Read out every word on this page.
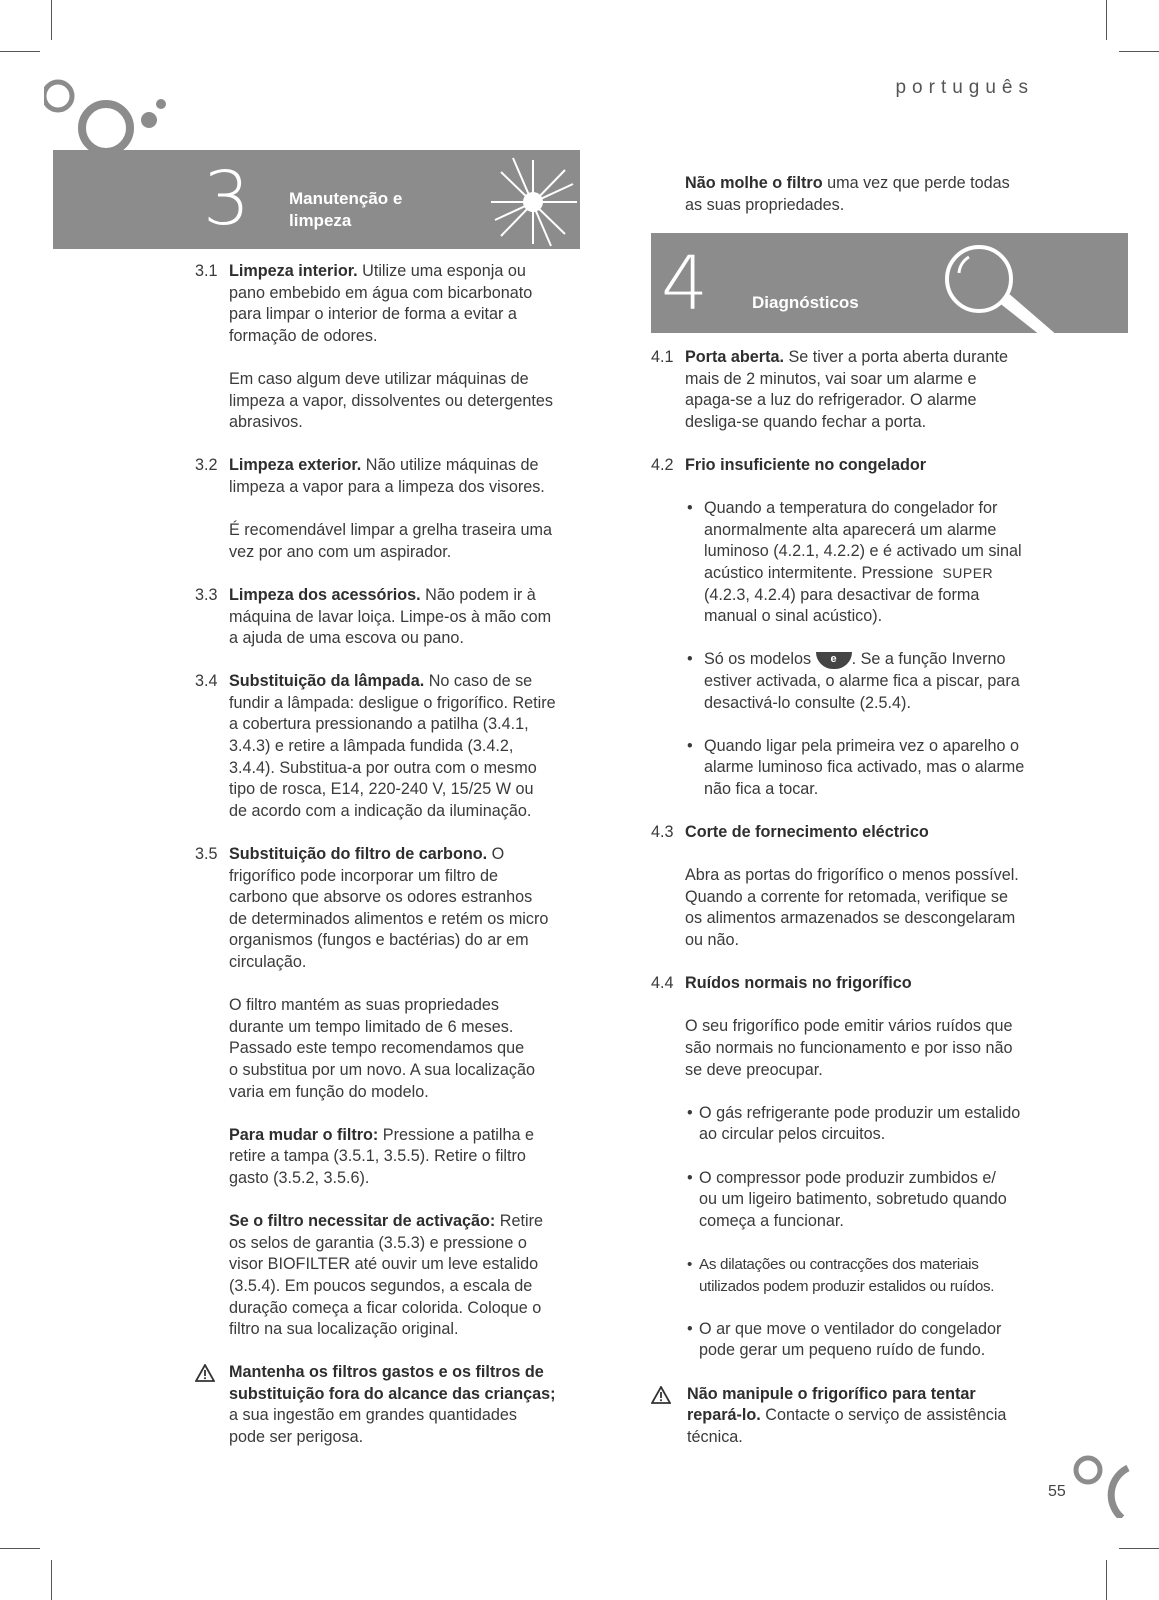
português
3 Manutenção e
limpeza
3.1 Limpeza interior. Utilize uma esponja ou
pano embebido em água com bicarbonato
para limpar o interior de forma a evitar a
formação de odores.
Em caso algum deve utilizar máquinas de
limpeza a vapor, dissolventes ou detergentes
abrasivos.
3.2 Limpeza exterior. Não utilize máquinas de
limpeza a vapor para a limpeza dos visores.
É recomendável limpar a grelha traseira uma
vez por ano com um aspirador.
3.3 Limpeza dos acessórios. Não podem ir à
máquina de lavar loiça. Limpe-os à mão com
a ajuda de uma escova ou pano.
3.4 Substituição da lâmpada. No caso de se
fundir a lâmpada: desligue o frigorífico. Retire
a cobertura pressionando a patilha (3.4.1,
3.4.3) e retire a lâmpada fundida (3.4.2,
3.4.4). Substitua-a por outra com o mesmo
tipo de rosca, E14, 220-240 V, 15/25 W ou
de acordo com a indicação da iluminação.
3.5 Substituição do filtro de carbono. O
frigorífico pode incorporar um filtro de
carbono que absorve os odores estranhos
de determinados alimentos e retém os micro
organismos (fungos e bactérias) do ar em
circulação.
O filtro mantém as suas propriedades
durante um tempo limitado de 6 meses.
Passado este tempo recomendamos que
o substitua por um novo. A sua localização
varia em função do modelo.
Para mudar o filtro: Pressione a patilha e
retire a tampa (3.5.1, 3.5.5). Retire o filtro
gasto (3.5.2, 3.5.6).
Se o filtro necessitar de activação: Retire
os selos de garantia (3.5.3) e pressione o
visor BIOFILTER até ouvir um leve estalido
(3.5.4). Em poucos segundos, a escala de
duração começa a ficar colorida. Coloque o
filtro na sua localização original.
Mantenha os filtros gastos e os filtros de
substituição fora do alcance das crianças;
a sua ingestão em grandes quantidades
pode ser perigosa.
Não molhe o filtro uma vez que perde todas
as suas propriedades.
4	Diagnósticos
4.1 Porta aberta. Se tiver a porta aberta durante
mais de 2 minutos, vai soar um alarme e
apaga-se a luz do refrigerador. O alarme
desliga-se quando fechar a porta.
4.2 Frio insuficiente no congelador
• Quando a temperatura do congelador for
anormalmente alta aparecerá um alarme
luminoso (4.2.1, 4.2.2) e é activado um sinal
acústico intermitente. Pressione SUPER
(4.2.3, 4.2.4) para desactivar de forma
manual o sinal acústico).
• Só os modelos e . Se a função Inverno
estiver activada, o alarme fica a piscar, para
desactivá-lo consulte (2.5.4).
• Quando ligar pela primeira vez o aparelho o
alarme luminoso fica activado, mas o alarme
não fica a tocar.
4.3 Corte de fornecimento eléctrico
Abra as portas do frigorífico o menos possível.
Quando a corrente for retomada, verifique se
os alimentos armazenados se descongelaram
ou não.
4.4 Ruídos normais no frigorífico
O seu frigorífico pode emitir vários ruídos que
são normais no funcionamento e por isso não
se deve preocupar.
• O gás refrigerante pode produzir um estalido
ao circular pelos circuitos.
• O compressor pode produzir zumbidos e/
ou um ligeiro batimento, sobretudo quando
começa a funcionar.
• As dilatações ou contracções dos materiais
utilizados podem produzir estalidos ou ruídos.
• O ar que move o ventilador do congelador
pode gerar um pequeno ruído de fundo.
Não manipule o frigorífico para tentar
repará-lo. Contacte o serviço de assistência
técnica.
55
